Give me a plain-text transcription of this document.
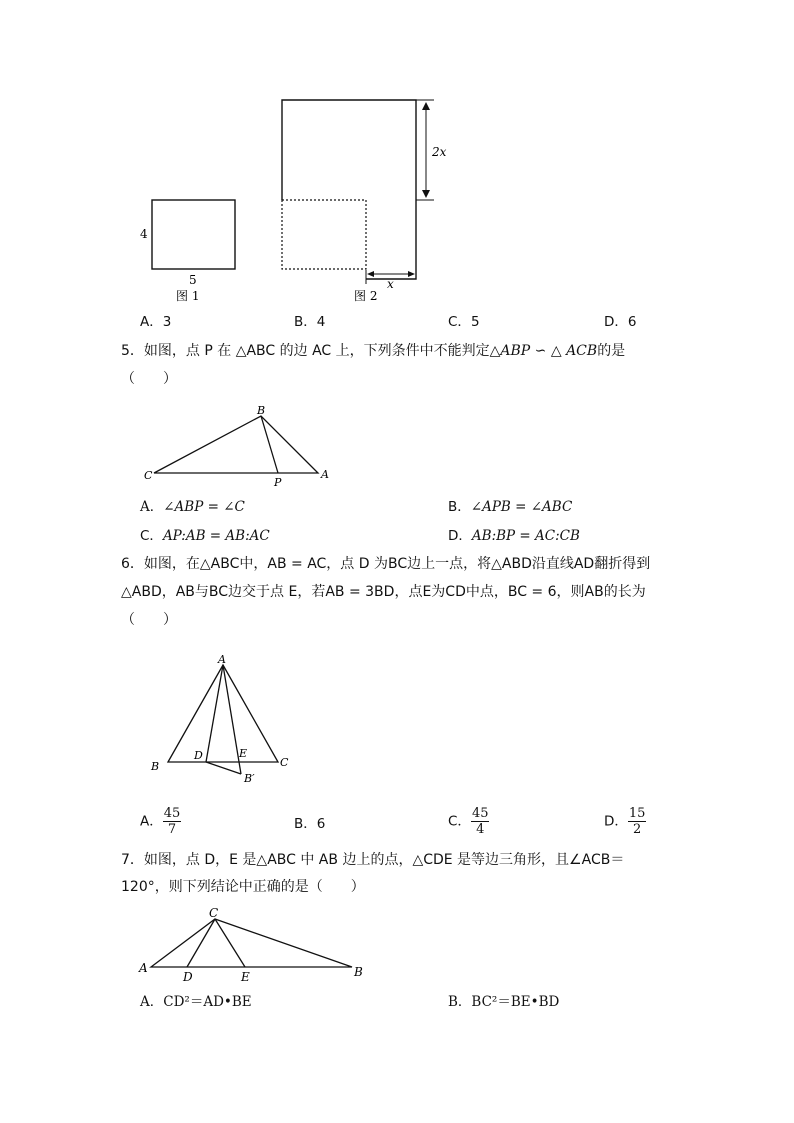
4
5
图 1
2x
x
图 2
A．3	B．4	C．5	D．6
5．如图，点 P 在 △ABC 的边 AC 上，下列条件中不能判定△ABP ∽ △ ACB的是
（　　）
B
C
P
A
A．∠ABP = ∠C	B．∠APB = ∠ABC
C．AP:AB = AB:AC	D．AB:BP = AC:CB
6．如图，在△ABC中，AB = AC，点 D 为BC边上一点，将△ABD沿直线AD翻折得到
△ABD，AB与BC边交于点 E，若AB = 3BD，点E为CD中点，BC = 6，则AB的长为
（　　）
A
B	C
D	E
B′
A． $\frac{45}{7}$	B．6	C． $\frac{45}{4}$	D． $\frac{15}{2}$
7．如图，点 D，E 是△ABC 中 AB 边上的点，△CDE 是等边三角形，且∠ACB＝
120°，则下列结论中正确的是（　　）
C
A
D	E	B
A．CD²＝AD•BE	B．BC²＝BE•BD
